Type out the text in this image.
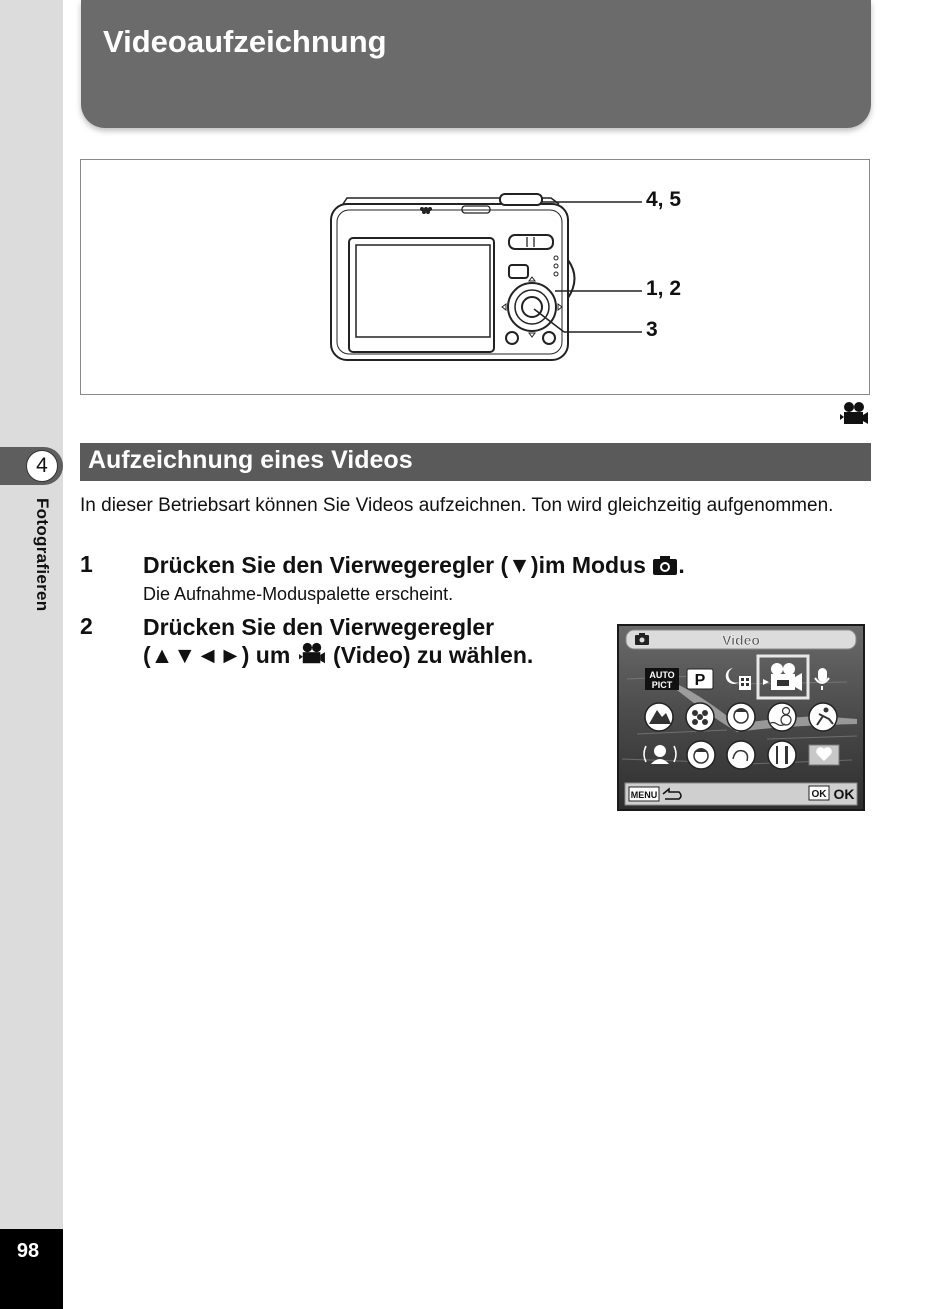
4
Fotografieren
98
Videoaufzeichnung
4, 5
1, 2
3
Aufzeichnung eines Videos
In dieser Betriebsart können Sie Videos aufzeichnen. Ton wird gleichzeitig aufgenommen.
1 Drücken Sie den Vierwegeregler (▼)im Modus .
Die Aufnahme-Moduspalette erscheint.
2 Drücken Sie den Vierwegeregler
(▲▼◄►) um (Video) zu wählen.
Video
AUTO
PICT P
MENU	OK OK
